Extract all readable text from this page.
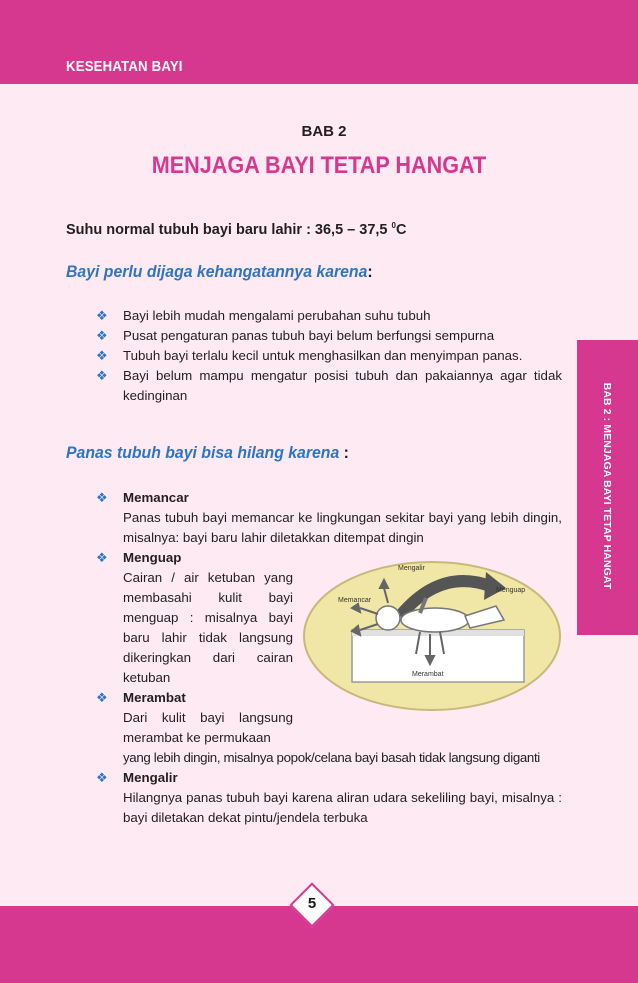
KESEHATAN BAYI
BAB 2 : MENJAGA BAYI TETAP HANGAT
BAB 2
MENJAGA BAYI TETAP HANGAT
Suhu normal tubuh bayi baru lahir : 36,5 – 37,5 $^0$C
Bayi perlu dijaga kehangatannya karena:
❖ Bayi lebih mudah mengalami perubahan suhu tubuh
❖ Pusat pengaturan panas tubuh bayi belum berfungsi sempurna
❖ Tubuh bayi terlalu kecil untuk menghasilkan dan menyimpan panas.
❖ Bayi belum mampu mengatur posisi tubuh dan pakaiannya agar tidak kedinginan
Panas tubuh bayi bisa hilang karena :
❖ Memancar
Panas tubuh bayi memancar ke lingkungan sekitar bayi yang lebih dingin, misalnya: bayi baru lahir diletakkan ditempat dingin
❖ Menguap
Cairan / air ketuban yang membasahi kulit bayi menguap : misalnya bayi baru lahir tidak langsung dikeringkan dari cairan ketuban
❖ Merambat
Dari kulit bayi langsung merambat ke permukaan
yang lebih dingin, misalnya popok/celana bayi basah tidak langsung diganti
❖ Mengalir
Hilangnya panas tubuh bayi karena aliran udara sekeliling bayi, misalnya : bayi diletakan dekat pintu/jendela terbuka
Mengalir
Menguap
Memancar
Merambat
5
